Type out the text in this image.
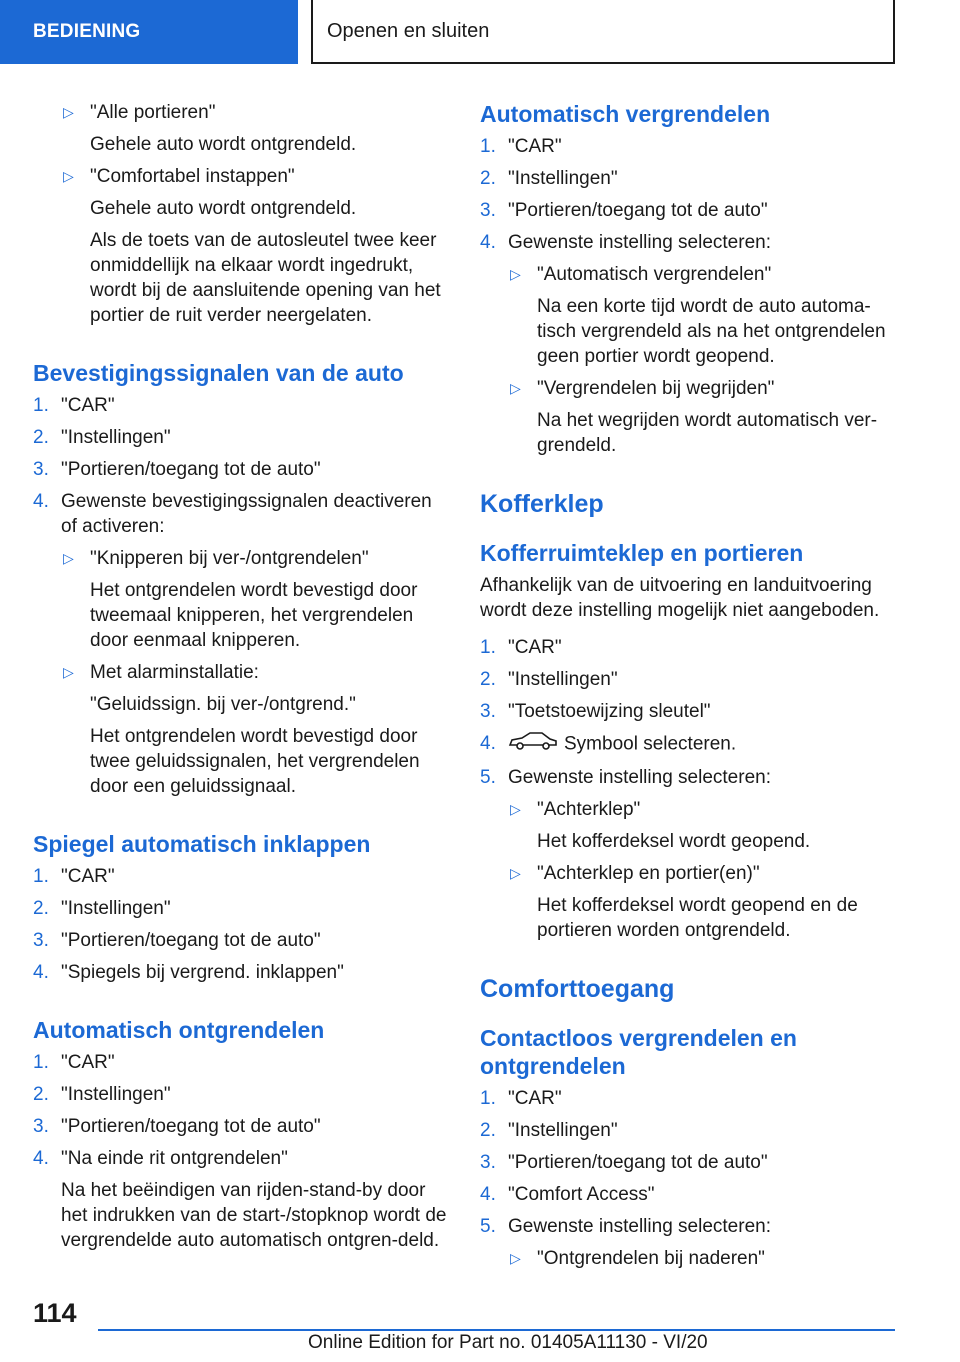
BEDIENING	Openen en sluiten
▷ "Alle portieren"
Gehele auto wordt ontgrendeld.
▷ "Comfortabel instappen"
Gehele auto wordt ontgrendeld.
Als de toets van de autosleutel twee keer onmiddellijk na elkaar wordt ingedrukt, wordt bij de aansluitende opening van het portier de ruit verder neergelaten.
Bevestigingssignalen van de auto
1. "CAR"
2. "Instellingen"
3. "Portieren/toegang tot de auto"
4. Gewenste bevestigingssignalen deactiveren of activeren:
▷ "Knipperen bij ver-/ontgrendelen"
Het ontgrendelen wordt bevestigd door tweemaal knipperen, het vergrendelen door eenmaal knipperen.
▷ Met alarminstallatie:
"Geluidssign. bij ver-/ontgrend."
Het ontgrendelen wordt bevestigd door twee geluidssignalen, het vergrendelen door een geluidssignaal.
Spiegel automatisch inklappen
1. "CAR"
2. "Instellingen"
3. "Portieren/toegang tot de auto"
4. "Spiegels bij vergrend. inklappen"
Automatisch ontgrendelen
1. "CAR"
2. "Instellingen"
3. "Portieren/toegang tot de auto"
4. "Na einde rit ontgrendelen"
Na het beëindigen van rijden-stand-by door het indrukken van de start-/stopknop wordt de vergrendelde auto automatisch ontgren-deld.
Automatisch vergrendelen
1. "CAR"
2. "Instellingen"
3. "Portieren/toegang tot de auto"
4. Gewenste instelling selecteren:
▷ "Automatisch vergrendelen"
Na een korte tijd wordt de auto automa-tisch vergrendeld als na het ontgrendelen geen portier wordt geopend.
▷ "Vergrendelen bij wegrijden"
Na het wegrijden wordt automatisch ver-grendeld.
Kofferklep
Kofferruimteklep en portieren
Afhankelijk van de uitvoering en landuitvoering wordt deze instelling mogelijk niet aangeboden.
1. "CAR"
2. "Instellingen"
3. "Toetstoewijzing sleutel"
4.	Symbool selecteren.
5. Gewenste instelling selecteren:
▷ "Achterklep"
Het kofferdeksel wordt geopend.
▷ "Achterklep en portier(en)"
Het kofferdeksel wordt geopend en de portieren worden ontgrendeld.
Comforttoegang
Contactloos vergrendelen en ontgrendelen
1. "CAR"
2. "Instellingen"
3. "Portieren/toegang tot de auto"
4. "Comfort Access"
5. Gewenste instelling selecteren:
▷ "Ontgrendelen bij naderen"
114
Online Edition for Part no. 01405A11130 - VI/20
